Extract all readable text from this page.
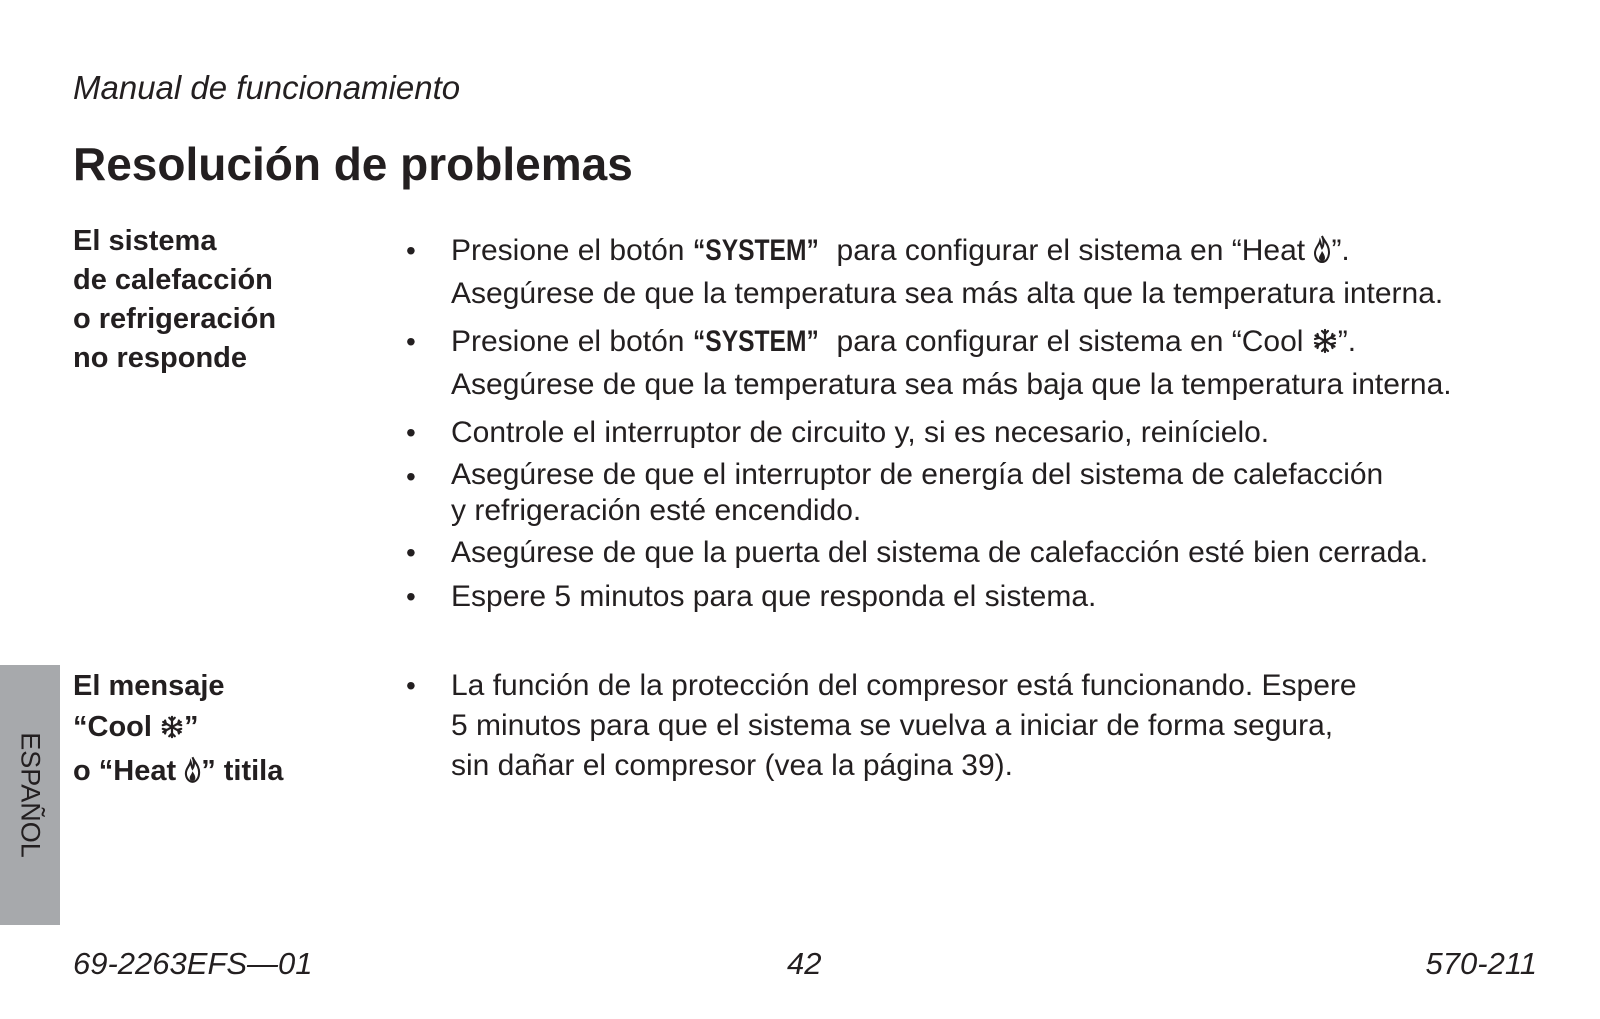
Manual de funcionamiento
Resolución de problemas
El sistema
de calefacción
o refrigeración
no responde
• Presione el botón “SYSTEM” para configurar el sistema en “Heat ”.
Asegúrese de que la temperatura sea más alta que la temperatura interna.
• Presione el botón “SYSTEM” para configurar el sistema en “Cool ”.
Asegúrese de que la temperatura sea más baja que la temperatura interna.
• Controle el interruptor de circuito y, si es necesario, reinícielo.
• Asegúrese de que el interruptor de energía del sistema de calefacción
y refrigeración esté encendido.
• Asegúrese de que la puerta del sistema de calefacción esté bien cerrada.
• Espere 5 minutos para que responda el sistema.
El mensaje
“Cool ”
o “Heat ” titila
• La función de la protección del compresor está funcionando. Espere
5 minutos para que el sistema se vuelva a iniciar de forma segura,
sin dañar el compresor (vea la página 39).
ESPAÑOL
69-2263EFS—01	42	570-211
